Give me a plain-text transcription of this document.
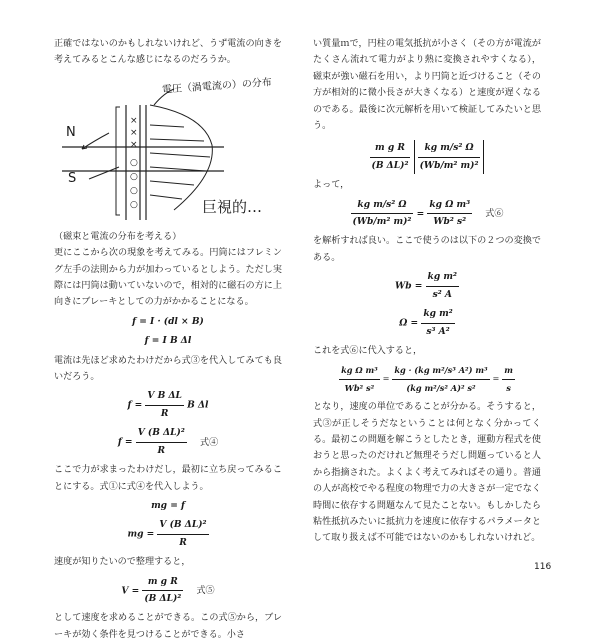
正確ではないのかもしれないけれど、うず電流の向きを考えてみるとこんな感じになるのだろうか。

×
×
×
○
○
○
○
電圧（渦電流の）の分布
N
S
巨視的…

（磁束と電流の分布を考える）

更にここから次の現象を考えてみる。円筒にはフレミング左手の法則から力が加わっているとしよう。ただし実際には円筒は動いていないので，相対的に磁石の方に上向きにブレーキとしての力がかかることになる。

f = I · (dl × B)
f = I B Δl

電流は先ほど求めたわけだから式③を代入してみても良いだろう。

$f = \frac{\text{V B ΔL}}{R}$ B Δl
$f = \frac{\text{V (B ΔL)²}}{R}$ 式④

ここで力が求まったわけだし，最初に立ち戻ってみることにする。式①に式④を代入しよう。

mg = f
mg = $\frac{\text{V (B ΔL)²}}{R}$

速度が知りたいので整理すると，

$V = \frac{\text{m g R}}{\text{(B ΔL)²}}$ 式⑤

として速度を求めることができる。この式⑤から，ブレーキが効く条件を見つけることができる。小さ

い質量ｍで，円柱の電気抵抗が小さく（その方が電流がたくさん流れて電力がより熱に変換されやすくなる），磁束が強い磁石を用い，より円筒と近づけること（その方が相対的に微小長さが大きくなる）と速度が遅くなるのである。最後に次元解析を用いて検証してみたいと思う。

$\frac{\text{m g R}}{\text{(B ΔL)²}}$
$\frac{\text{kg m/s² Ω}}{\text{(Wb/m² m)²}}$

よって，

$\frac{\text{kg m/s² Ω}}{\text{(Wb/m² m)²}} = \frac{\text{kg Ω m³}}{\text{Wb² s²}}$ 式⑥

を解析すれば良い。ここで使うのは以下の２つの変換である。

$Wb = \frac{\text{kg m²}}{\text{s² A}}$
$\Omega = \frac{\text{kg m²}}{\text{s³ A²}}$

これを式⑥に代入すると，

$\frac{\text{kg Ω m³}}{\text{Wb² s²}} = \frac{\text{kg · (kg m²/s³ A²) m³}}{\text{(kg m²/s² A)² s²}} = \frac{m}{s}$

となり，速度の単位であることが分かる。そうすると，式③が正しそうだなということは何となく分かってくる。最初この問題を解こうとしたとき，運動方程式を使おうと思ったのだけれど無理そうだし問題っていると人から指摘された。よくよく考えてみればその通り。普通の人が高校でやる程度の物理で力の大きさが一定でなく時間に依存する問題なんて見たことない。もしかしたら粘性抵抗みたいに抵抗力を速度に依存するパラメータとして取り扱えば不可能ではないのかもしれないけれど。

116
